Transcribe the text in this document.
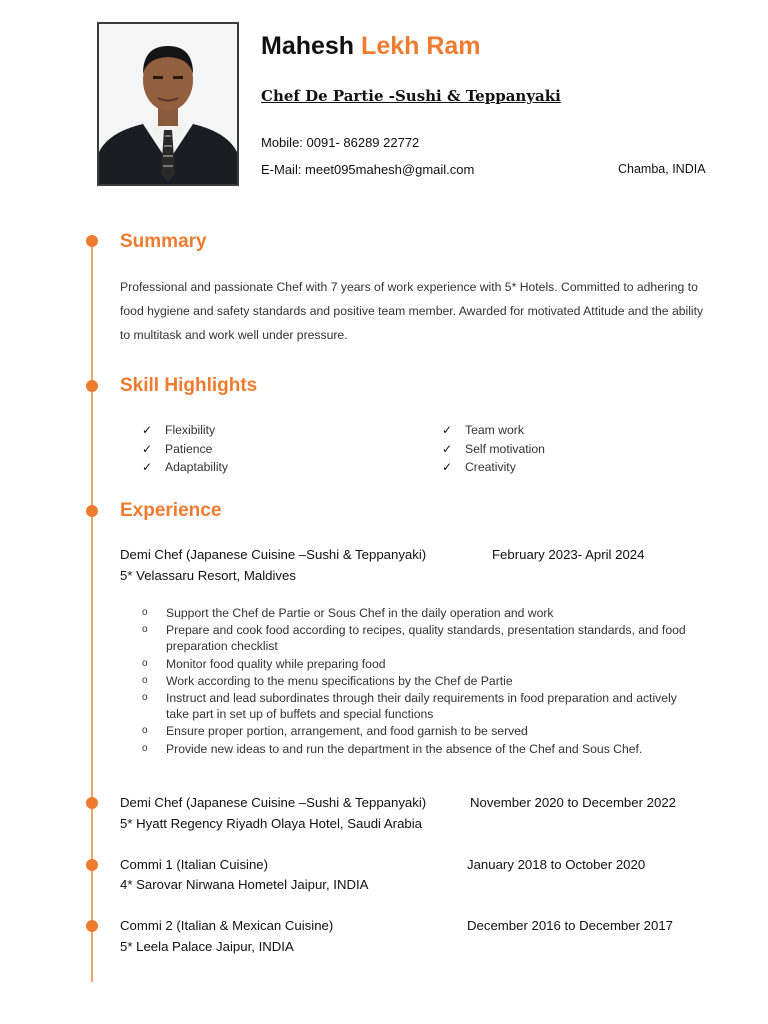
Mahesh Lekh Ram
Chef De Partie -Sushi & Teppanyaki
Mobile: 0091- 86289 22772
E-Mail: meet095mahesh@gmail.com	Chamba, INDIA
Summary

Professional and passionate Chef with 7 years of work experience with 5* Hotels. Committed to adhering to food hygiene and safety standards and positive team member. Awarded for motivated Attitude and the ability to multitask and work well under pressure.

Skill Highlights
✓ Flexibility
✓ Patience
✓ Adaptability
✓ Team work
✓ Self motivation
✓ Creativity
Experience
Demi Chef (Japanese Cuisine –Sushi & Teppanyaki)	February 2023- April 2024
5* Velassaru Resort, Maldives
o Support the Chef de Partie or Sous Chef in the daily operation and work
o Prepare and cook food according to recipes, quality standards, presentation standards, and food preparation checklist
o Monitor food quality while preparing food
o Work according to the menu specifications by the Chef de Partie
o Instruct and lead subordinates through their daily requirements in food preparation and actively take part in set up of buffets and special functions
o Ensure proper portion, arrangement, and food garnish to be served
o Provide new ideas to and run the department in the absence of the Chef and Sous Chef.
Demi Chef (Japanese Cuisine –Sushi & Teppanyaki)	November 2020 to December 2022
5* Hyatt Regency Riyadh Olaya Hotel, Saudi Arabia
Commi 1 (Italian Cuisine)	January 2018 to October 2020
4* Sarovar Nirwana Hometel Jaipur, INDIA
Commi 2 (Italian & Mexican Cuisine)	December 2016 to December 2017
5* Leela Palace Jaipur, INDIA
